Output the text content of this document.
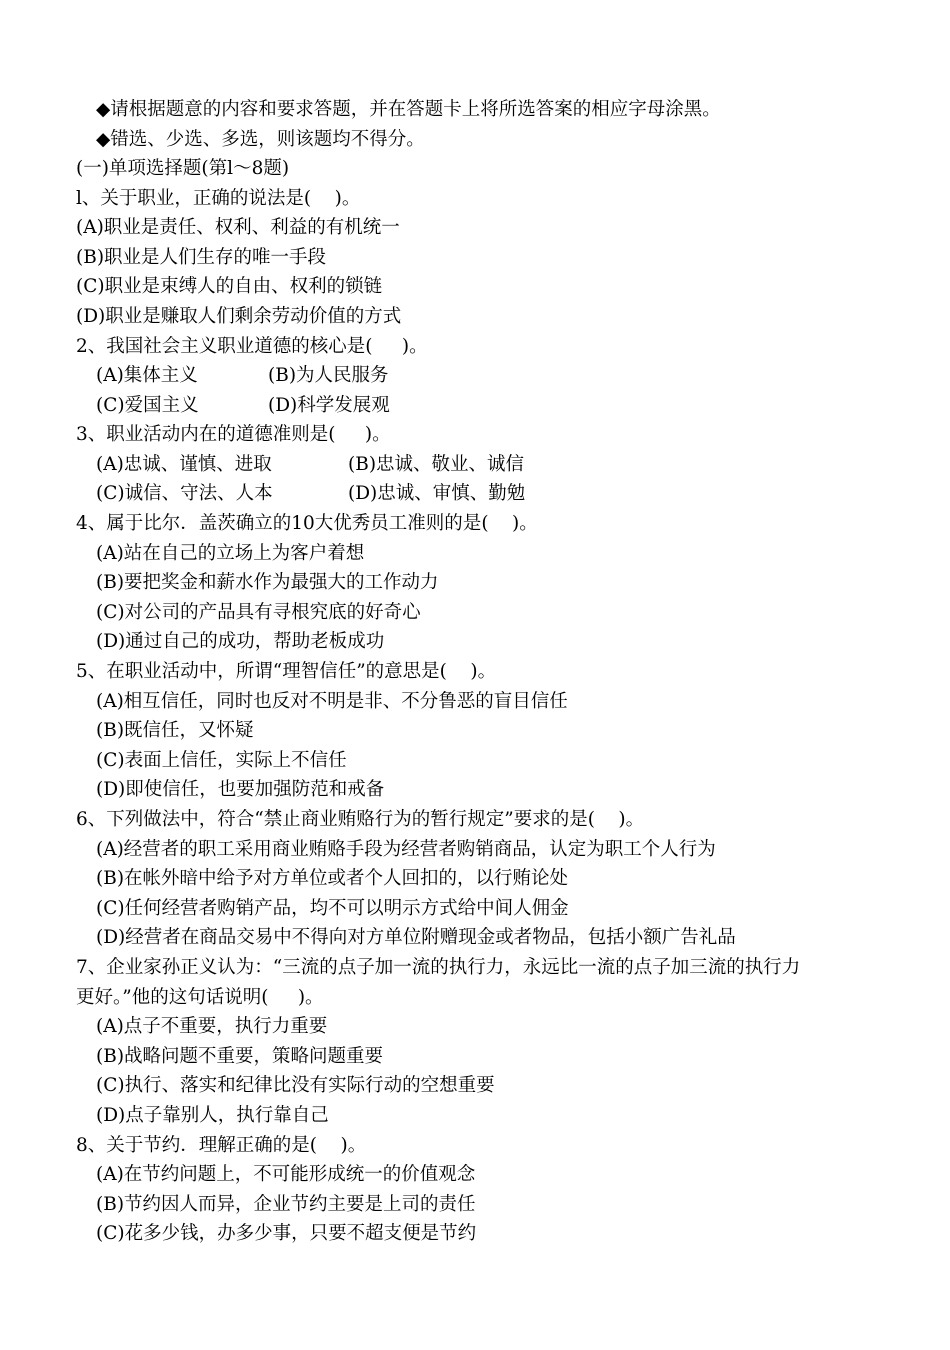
◆请根据题意的内容和要求答题，并在答题卡上将所选答案的相应字母涂黑。
◆错选、少选、多选，则该题均不得分。
(一)单项选择题(第l～8题)
l、关于职业，正确的说法是(    )。
(A)职业是责任、权利、利益的有机统一
(B)职业是人们生存的唯一手段
(C)职业是束缚人的自由、权利的锁链
(D)职业是赚取人们剩余劳动价值的方式
2、我国社会主义职业道德的核心是(     )。
(A)集体主义	(B)为人民服务
(C)爱国主义	(D)科学发展观
3、职业活动内在的道德准则是(     )。
(A)忠诚、谨慎、进取	(B)忠诚、敬业、诚信
(C)诚信、守法、人本	(D)忠诚、审慎、勤勉
4、属于比尔．盖茨确立的10大优秀员工准则的是(    )。
(A)站在自己的立场上为客户着想
(B)要把奖金和薪水作为最强大的工作动力
(C)对公司的产品具有寻根究底的好奇心
(D)通过自己的成功，帮助老板成功
5、在职业活动中，所谓“理智信任”的意思是(    )。
(A)相互信任，同时也反对不明是非、不分鲁恶的盲目信任
(B)既信任，又怀疑
(C)表面上信任，实际上不信任
(D)即使信任，也要加强防范和戒备
6、下列做法中，符合“禁止商业贿赂行为的暂行规定”要求的是(    )。
(A)经营者的职工采用商业贿赂手段为经营者购销商品，认定为职工个人行为
(B)在帐外暗中给予对方单位或者个人回扣的，以行贿论处
(C)任何经营者购销产品，均不可以明示方式给中间人佣金
(D)经营者在商品交易中不得向对方单位附赠现金或者物品，包括小额广告礼品
7、企业家孙正义认为：“三流的点子加一流的执行力，永远比一流的点子加三流的执行力
更好。”他的这句话说明(     )。
(A)点子不重要，执行力重要
(B)战略问题不重要，策略问题重要
(C)执行、落实和纪律比没有实际行动的空想重要
(D)点子靠别人，执行靠自己
8、关于节约．理解正确的是(    )。
(A)在节约问题上，不可能形成统一的价值观念
(B)节约因人而异，企业节约主要是上司的责任
(C)花多少钱，办多少事，只要不超支便是节约
